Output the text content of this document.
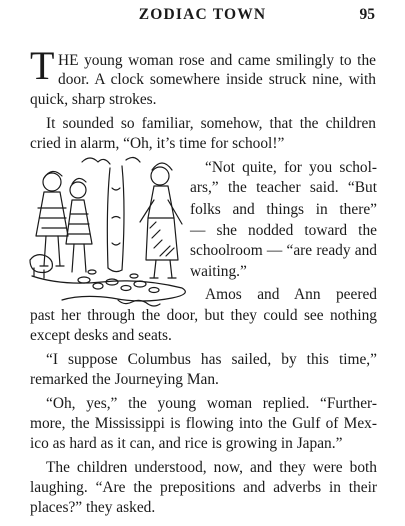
ZODIAC TOWN	95
T HE young woman rose and came smilingly to the
door. A clock somewhere inside struck nine, with
quick, sharp strokes.
It sounded so familiar, somehow, that the children
cried in alarm, “Oh, it’s time for school!”
“Not quite, for you schol-
ars,” the teacher said. “But
folks and things in there”
— she nodded toward the
schoolroom — “are ready and
waiting.”
Amos and Ann peered
past her through the door, but they could see nothing
except desks and seats.
“I suppose Columbus has sailed, by this time,”
remarked the Journeying Man.
“Oh, yes,” the young woman replied. “Further-
more, the Mississippi is flowing into the Gulf of Mex-
ico as hard as it can, and rice is growing in Japan.”
The children understood, now, and they were both
laughing. “Are the prepositions and adverbs in their
places?” they asked.
